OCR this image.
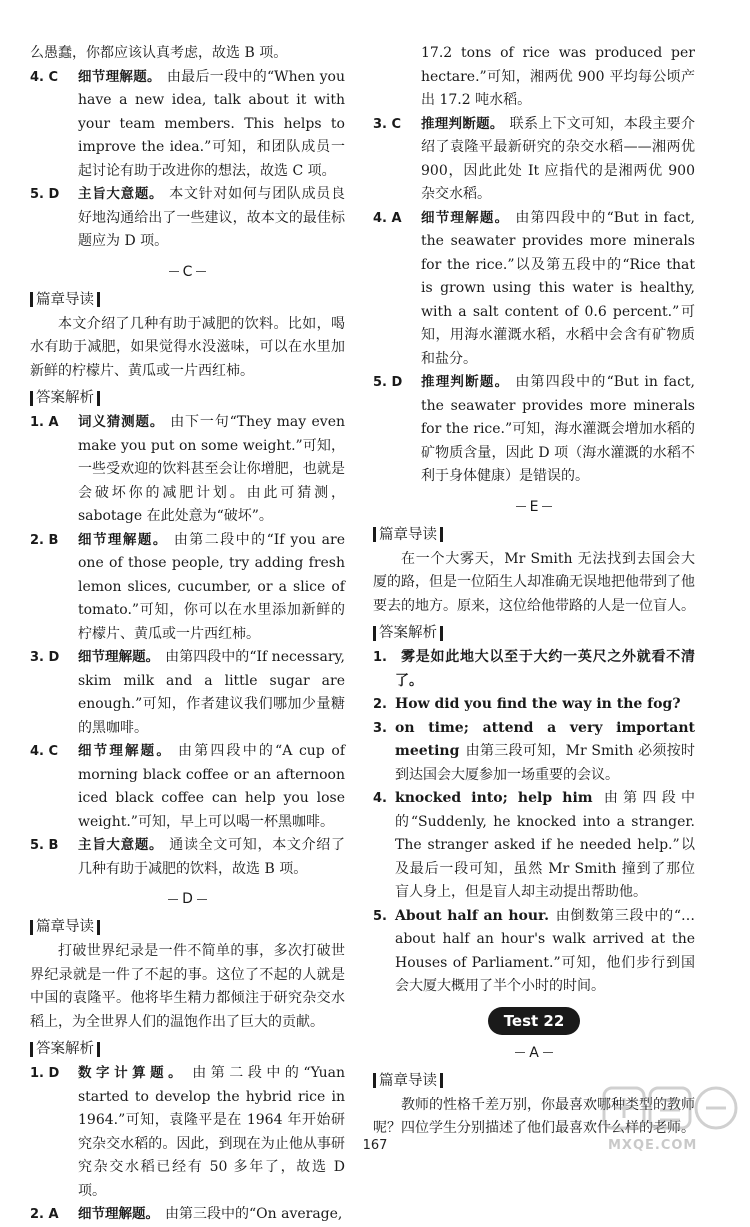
么愚蠢，你都应该认真考虑，故选 B 项。

4. C	细节理解题。 由最后一段中的“When you have a new idea, talk about it with your team members. This helps to improve the idea.”可知，和团队成员一起讨论有助于改进你的想法，故选 C 项。
5. D	主旨大意题。 本文针对如何与团队成员良好地沟通给出了一些建议，故本文的最佳标题应为 D 项。
C
篇章导读

本文介绍了几种有助于减肥的饮料。比如，喝水有助于减肥，如果觉得水没滋味，可以在水里加新鲜的柠檬片、黄瓜或一片西红柿。

答案解析
1. A	词义猜测题。 由下一句“They may even make you put on some weight.”可知，一些受欢迎的饮料甚至会让你增肥，也就是会破坏你的减肥计划。由此可猜测，sabotage 在此处意为“破坏”。
2. B	细节理解题。 由第二段中的“If you are one of those people, try adding fresh lemon slices, cucumber, or a slice of tomato.”可知，你可以在水里添加新鲜的柠檬片、黄瓜或一片西红柿。
3. D	细节理解题。 由第四段中的“If necessary, skim milk and a little sugar are enough.”可知，作者建议我们哪加少量糖的黑咖啡。
4. C	细节理解题。 由第四段中的“A cup of morning black coffee or an afternoon iced black coffee can help you lose weight.”可知，早上可以喝一杯黑咖啡。
5. B	主旨大意题。 通读全文可知，本文介绍了几种有助于减肥的饮料，故选 B 项。
D
篇章导读

打破世界纪录是一件不简单的事，多次打破世界纪录就是一件了不起的事。这位了不起的人就是中国的袁隆平。他将毕生精力都倾注于研究杂交水稻上，为全世界人们的温饱作出了巨大的贡献。

答案解析
1. D	数字计算题。 由第二段中的“Yuan started to develop the hybrid rice in 1964.”可知，袁隆平是在 1964 年开始研究杂交水稻的。因此，到现在为止他从事研究杂交水稻已经有 50 多年了，故选 D 项。
2. A	细节理解题。 由第三段中的“On average,

17.2 tons of rice was produced per hectare.”可知，湘两优 900 平均每公顷产出 17.2 吨水稻。

3. C	推理判断题。 联系上下文可知，本段主要介绍了袁隆平最新研究的杂交水稻——湘两优 900，因此此处 It 应指代的是湘两优 900 杂交水稻。
4. A	细节理解题。 由第四段中的“But in fact, the seawater provides more minerals for the rice.”以及第五段中的“Rice that is grown using this water is healthy, with a salt content of 0.6 percent.”可知，用海水灌溉水稻，水稻中会含有矿物质和盐分。
5. D	推理判断题。 由第四段中的“But in fact, the seawater provides more minerals for the rice.”可知，海水灌溉会增加水稻的矿物质含量，因此 D 项（海水灌溉的水稻不利于身体健康）是错误的。
E
篇章导读

在一个大雾天，Mr Smith 无法找到去国会大厦的路，但是一位陌生人却准确无误地把他带到了他要去的地方。原来，这位给他带路的人是一位盲人。

答案解析
1.	雾是如此地大以至于大约一英尺之外就看不清了。
2. How did you find the way in the fog?
3. on time; attend a very important meeting 由第三段可知，Mr Smith 必须按时到达国会大厦参加一场重要的会议。
4. knocked into; help him 由第四段中的“Suddenly, he knocked into a stranger. The stranger asked if he needed help.”以及最后一段可知，虽然 Mr Smith 撞到了那位盲人身上，但是盲人却主动提出帮助他。
5. About half an hour. 由倒数第三段中的“…about half an hour's walk arrived at the Houses of Parliament.”可知，他们步行到国会大厦大概用了半个小时的时间。
Test 22
A
篇章导读

教师的性格千差万别，你最喜欢哪种类型的教师呢？四位学生分别描述了他们最喜欢什么样的老师。

167	MXQE.COM
